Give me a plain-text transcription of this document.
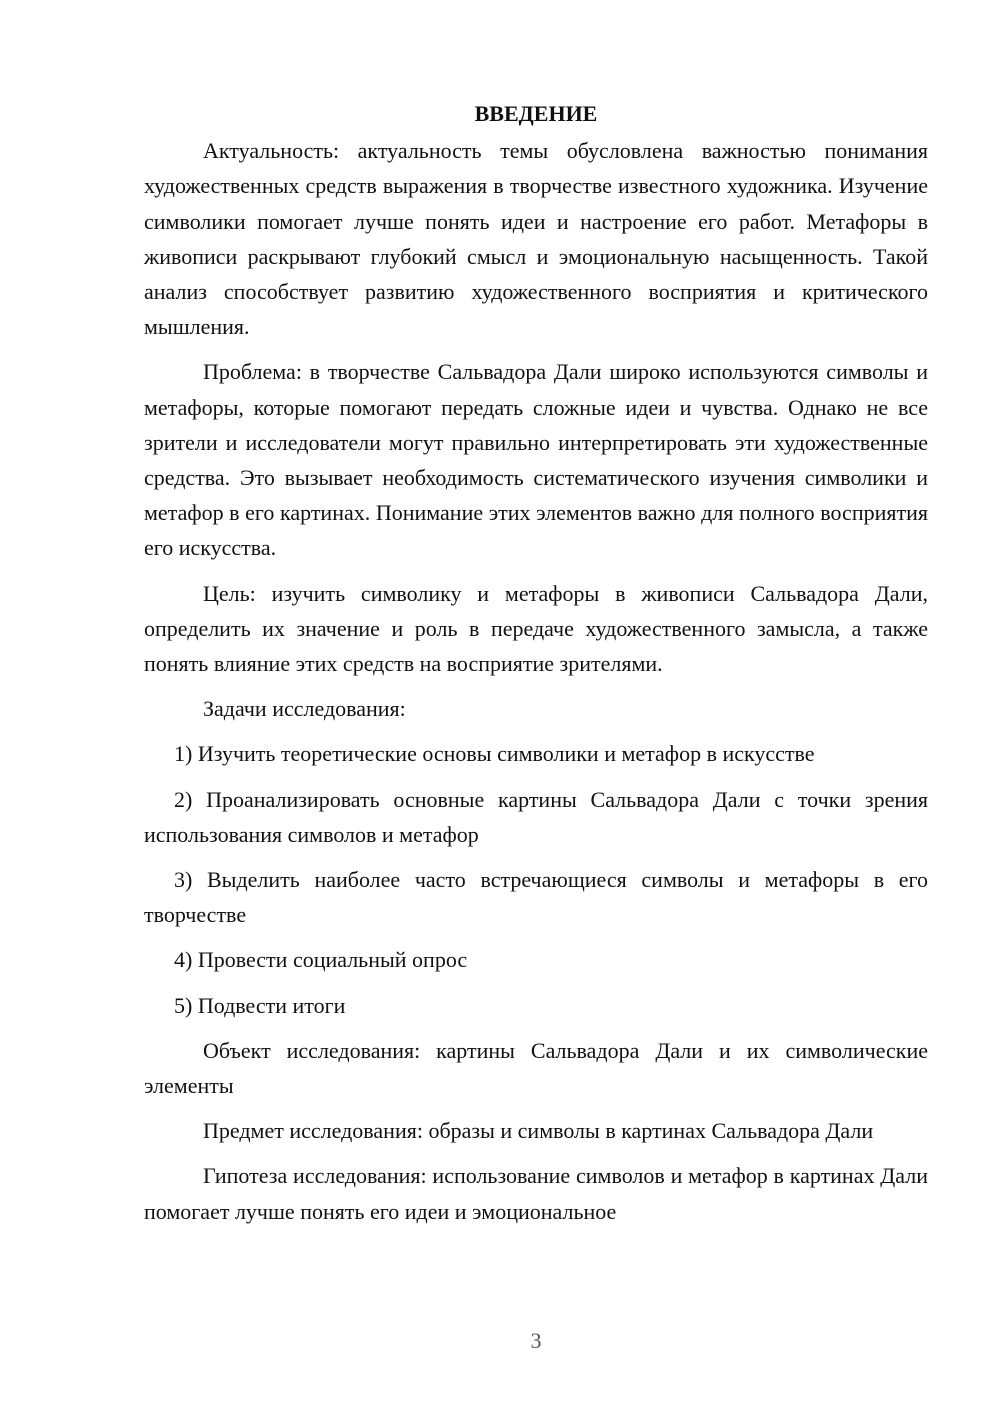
ВВЕДЕНИЕ

Актуальность: актуальность темы обусловлена важностью понимания художественных средств выражения в творчестве известного художника. Изучение символики помогает лучше понять идеи и настроение его работ. Метафоры в живописи раскрывают глубокий смысл и эмоциональную насыщенность. Такой анализ способствует развитию художественного восприятия и критического мышления.

Проблема: в творчестве Сальвадора Дали широко используются символы и метафоры, которые помогают передать сложные идеи и чувства. Однако не все зрители и исследователи могут правильно интерпретировать эти художественные средства. Это вызывает необходимость систематического изучения символики и метафор в его картинах. Понимание этих элементов важно для полного восприятия его искусства.

Цель: изучить символику и метафоры в живописи Сальвадора Дали, определить их значение и роль в передаче художественного замысла, а также понять влияние этих средств на восприятие зрителями.

Задачи исследования:

1) Изучить теоретические основы символики и метафор в искусстве

2) Проанализировать основные картины Сальвадора Дали с точки зрения использования символов и метафор

3) Выделить наиболее часто встречающиеся символы и метафоры в его творчестве

4) Провести социальный опрос

5) Подвести итоги

Объект исследования: картины Сальвадора Дали и их символические элементы

Предмет исследования: образы и символы в картинах Сальвадора Дали

Гипотеза исследования: использование символов и метафор в картинах Дали помогает лучше понять его идеи и эмоциональное

3
